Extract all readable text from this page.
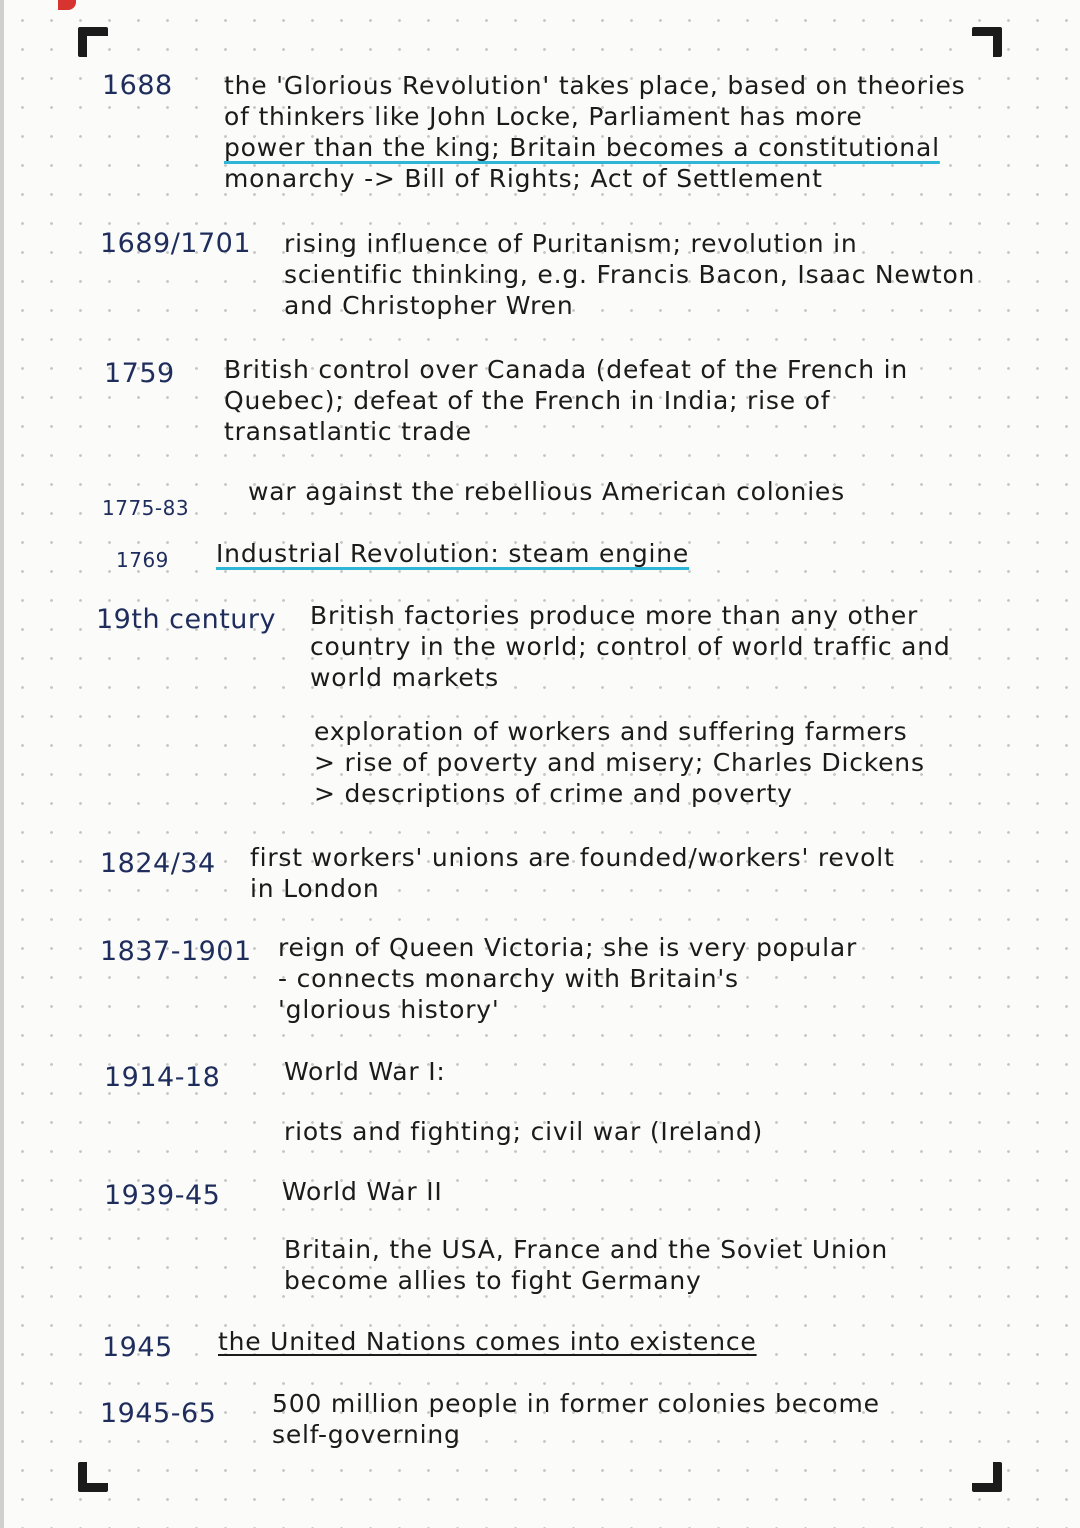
1688 the 'Glorious Revolution' takes place, based on theories
of thinkers like John Locke, Parliament has more
power than the king; Britain becomes a constitutional
monarchy -> Bill of Rights; Act of Settlement
1689/1701 rising influence of Puritanism; revolution in
scientific thinking, e.g. Francis Bacon, Isaac Newton
and Christopher Wren
1759 British control over Canada (defeat of the French in
Quebec); defeat of the French in India; rise of
transatlantic trade
1775-83
war against the rebellious American colonies
1769 Industrial Revolution: steam engine
19th century British factories produce more than any other
country in the world; control of world traffic and
world markets
exploration of workers and suffering farmers
> rise of poverty and misery; Charles Dickens
> descriptions of crime and poverty
1824/34 first workers' unions are founded/workers' revolt
in London
1837-1901 reign of Queen Victoria; she is very popular
- connects monarchy with Britain's
'glorious history'
1914-18	World War I:
riots and fighting; civil war (Ireland)
1939-45 World War II
Britain, the USA, France and the Soviet Union
become allies to fight Germany
1945 the United Nations comes into existence
1945-65 500 million people in former colonies become
self-governing
